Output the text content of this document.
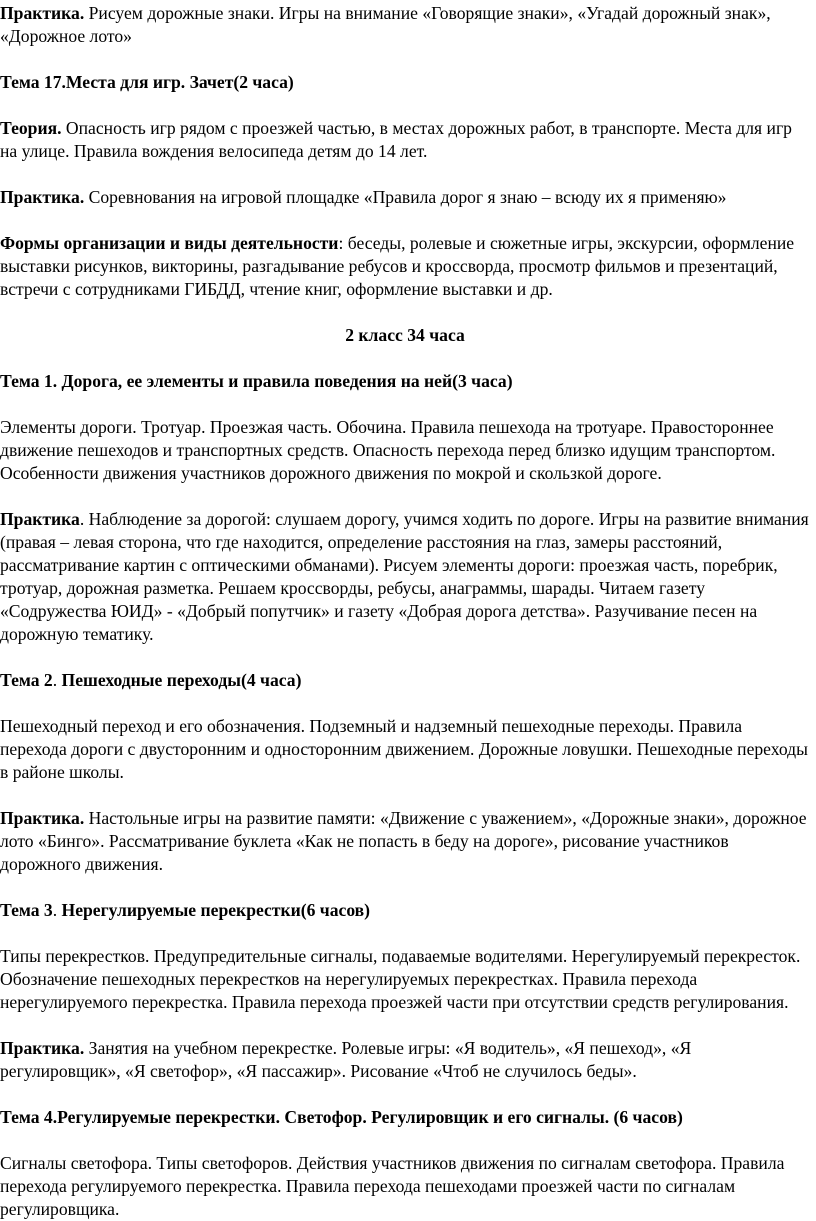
Практика. Рисуем дорожные знаки. Игры на внимание «Говорящие знаки», «Угадай дорожный знак», «Дорожное лото»

Тема 17.Места для игр. Зачет(2 часа)

Теория. Опасность игр рядом с проезжей частью, в местах дорожных работ, в транспорте. Места для игр на улице. Правила вождения велосипеда детям до 14 лет.

Практика. Соревнования на игровой площадке «Правила дорог я знаю – всюду их я применяю»

Формы организации и виды деятельности: беседы, ролевые и сюжетные игры, экскурсии, оформление выставки рисунков, викторины, разгадывание ребусов и кроссворда, просмотр фильмов и презентаций, встречи с сотрудниками ГИБДД, чтение книг, оформление выставки и др.

2 класс 34 часа

Тема 1. Дорога, ее элементы и правила поведения на ней(3 часа)

Элементы дороги. Тротуар. Проезжая часть. Обочина. Правила пешехода на тротуаре. Правостороннее движение пешеходов и транспортных средств. Опасность перехода перед близко идущим транспортом. Особенности движения участников дорожного движения по мокрой и скользкой дороге.

Практика. Наблюдение за дорогой: слушаем дорогу, учимся ходить по дороге. Игры на развитие внимания (правая – левая сторона, что где находится, определение расстояния на глаз, замеры расстояний, рассматривание картин с оптическими обманами). Рисуем элементы дороги: проезжая часть, поребрик, тротуар, дорожная разметка. Решаем кроссворды, ребусы, анаграммы, шарады. Читаем газету «Содружества ЮИД» - «Добрый попутчик» и газету «Добрая дорога детства». Разучивание песен на дорожную тематику.

Тема 2. Пешеходные переходы(4 часа)

Пешеходный переход и его обозначения. Подземный и надземный пешеходные переходы. Правила перехода дороги с двусторонним и односторонним движением. Дорожные ловушки. Пешеходные переходы в районе школы.

Практика. Настольные игры на развитие памяти: «Движение с уважением», «Дорожные знаки», дорожное лото «Бинго». Рассматривание буклета «Как не попасть в беду на дороге», рисование участников дорожного движения.

Тема 3. Нерегулируемые перекрестки(6 часов)

Типы перекрестков. Предупредительные сигналы, подаваемые водителями. Нерегулируемый перекресток. Обозначение пешеходных перекрестков на нерегулируемых перекрестках. Правила перехода нерегулируемого перекрестка. Правила перехода проезжей части при отсутствии средств регулирования.

Практика. Занятия на учебном перекрестке. Ролевые игры: «Я водитель», «Я пешеход», «Я регулировщик», «Я светофор», «Я пассажир». Рисование «Чтоб не случилось беды».

Тема 4.Регулируемые перекрестки. Светофор. Регулировщик и его сигналы. (6 часов)

Сигналы светофора. Типы светофоров. Действия участников движения по сигналам светофора. Правила перехода регулируемого перекрестка. Правила перехода пешеходами проезжей части по сигналам регулировщика.
